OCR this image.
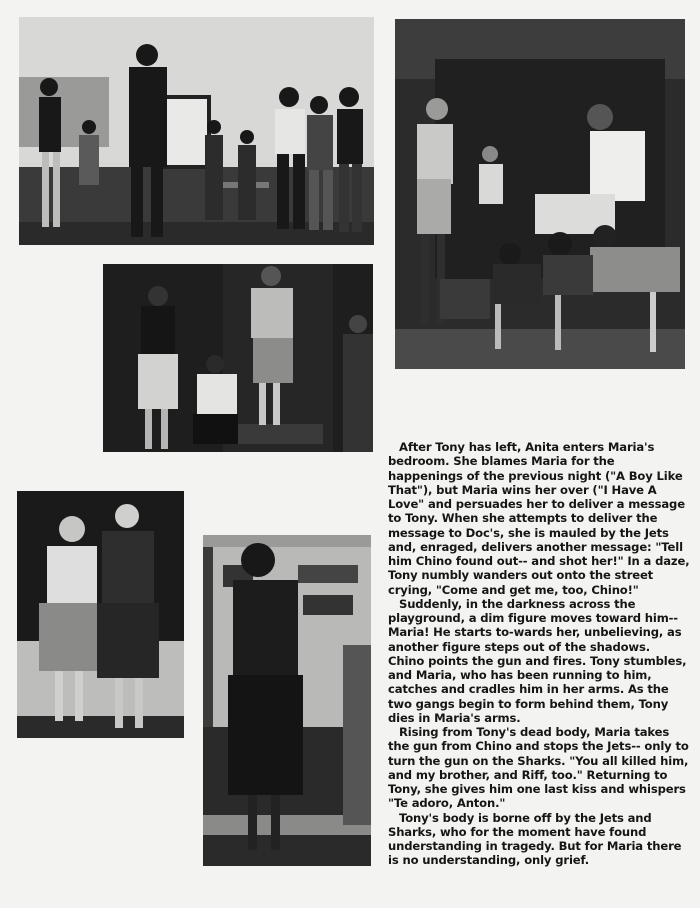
After Tony has left, Anita enters Maria's bedroom. She blames Maria for the happenings of the previous night ("A Boy Like That"), but Maria wins her over ("I Have A Love" and persuades her to deliver a message to Tony. When she attempts to deliver the message to Doc's, she is mauled by the Jets and, enraged, delivers another message: "Tell him Chino found out-- and shot her!" In a daze, Tony numbly wanders out onto the street crying, "Come and get me, too, Chino!"

Suddenly, in the darkness across the playground, a dim figure moves toward him-- Maria! He starts to-wards her, unbelieving, as another figure steps out of the shadows. Chino points the gun and fires. Tony stumbles, and Maria, who has been running to him, catches and cradles him in her arms. As the two gangs begin to form behind them, Tony dies in Maria's arms.

Rising from Tony's dead body, Maria takes the gun from Chino and stops the Jets-- only to turn the gun on the Sharks. "You all killed him, and my brother, and Riff, too." Returning to Tony, she gives him one last kiss and whispers "Te adoro, Anton."

Tony's body is borne off by the Jets and Sharks, who for the moment have found understanding in tragedy. But for Maria there is no understanding, only grief.
